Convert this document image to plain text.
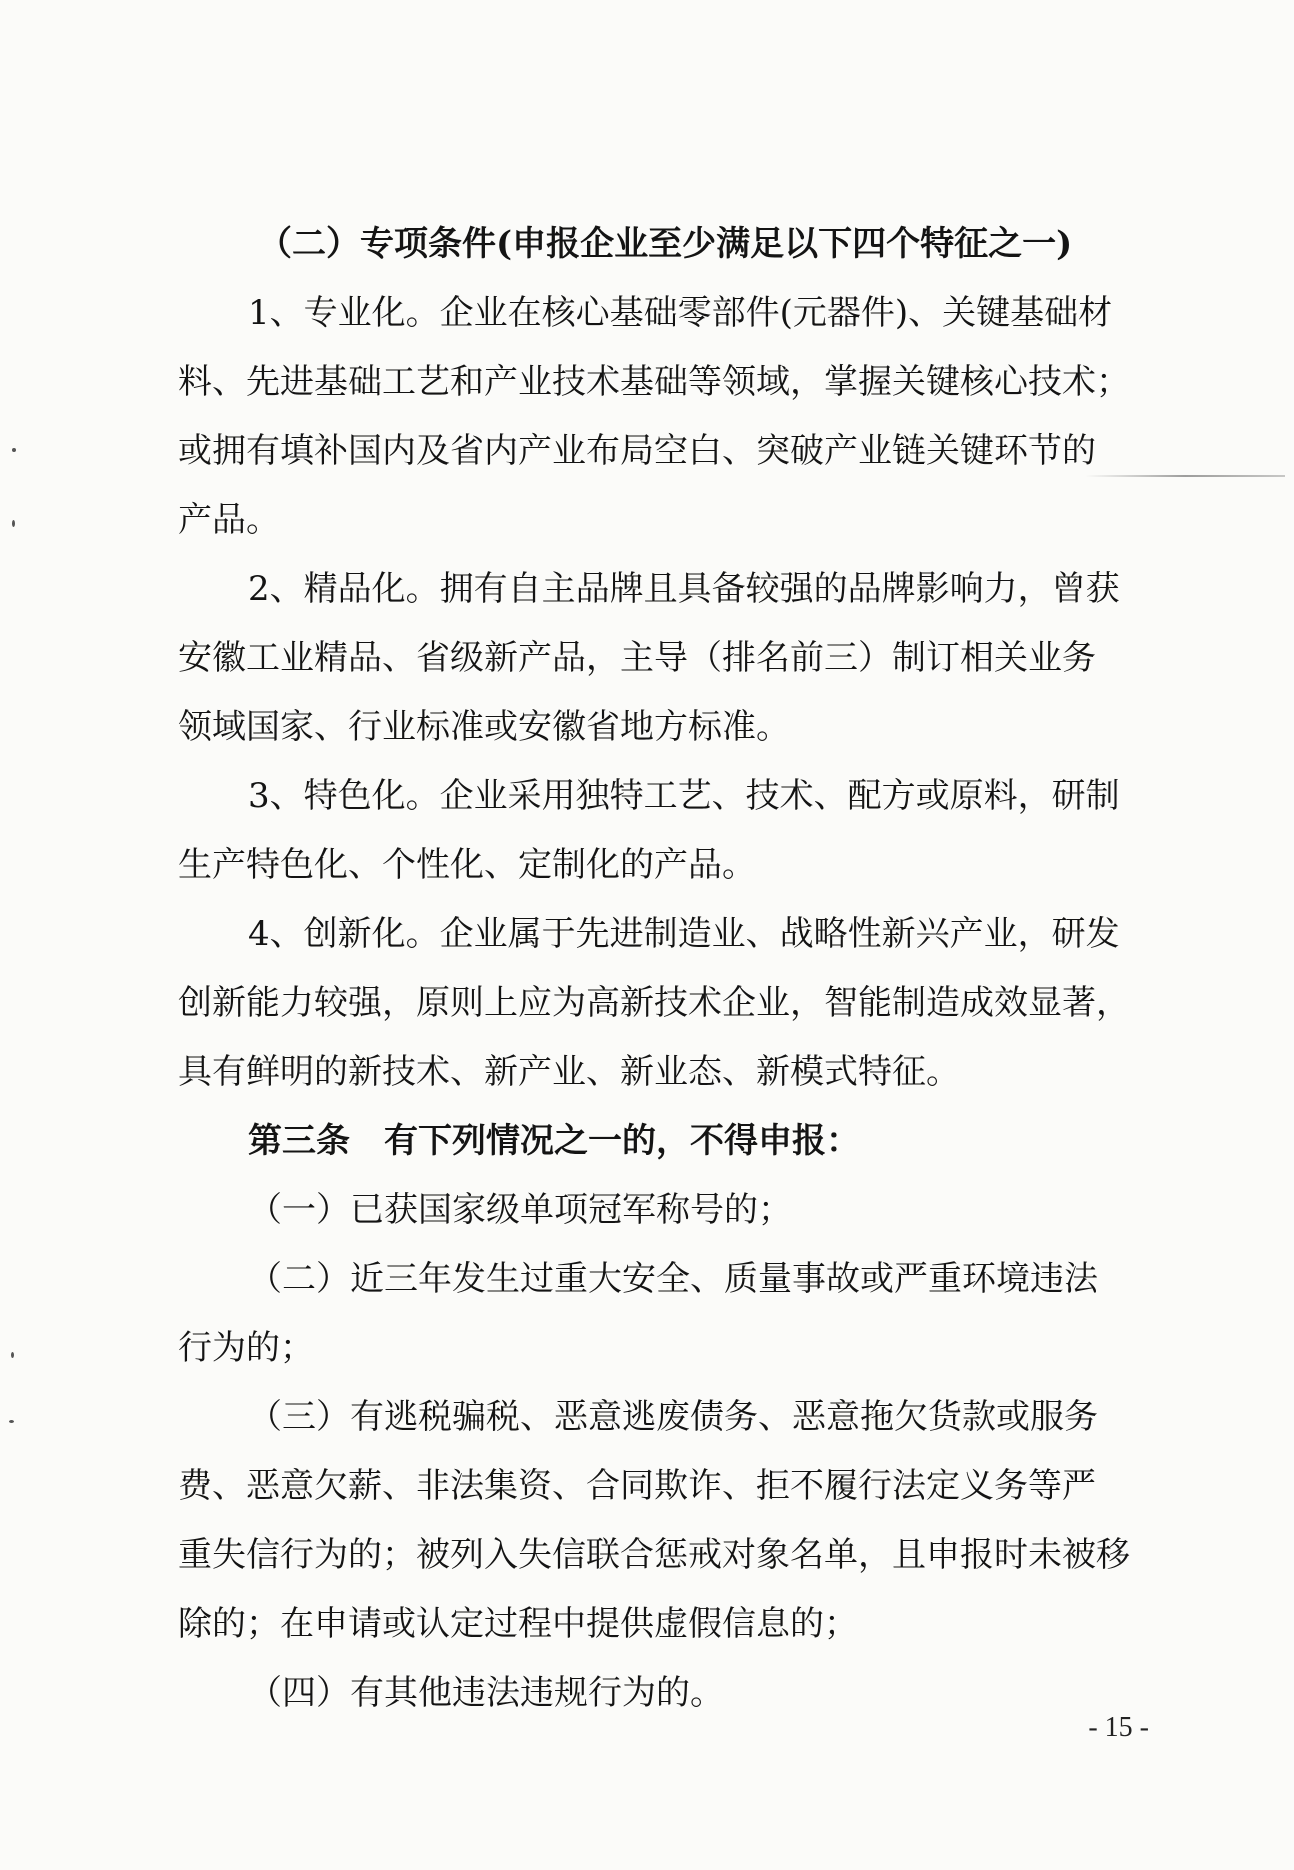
（二）专项条件(申报企业至少满足以下四个特征之一)
1、专业化。企业在核心基础零部件(元器件)、关键基础材
料、先进基础工艺和产业技术基础等领域，掌握关键核心技术；
或拥有填补国内及省内产业布局空白、突破产业链关键环节的
产品。
2、精品化。拥有自主品牌且具备较强的品牌影响力，曾获
安徽工业精品、省级新产品，主导（排名前三）制订相关业务
领域国家、行业标准或安徽省地方标准。
3、特色化。企业采用独特工艺、技术、配方或原料，研制
生产特色化、个性化、定制化的产品。
4、创新化。企业属于先进制造业、战略性新兴产业，研发
创新能力较强，原则上应为高新技术企业，智能制造成效显著，
具有鲜明的新技术、新产业、新业态、新模式特征。
第三条　有下列情况之一的，不得申报：
（一）已获国家级单项冠军称号的；
（二）近三年发生过重大安全、质量事故或严重环境违法
行为的；
（三）有逃税骗税、恶意逃废债务、恶意拖欠货款或服务
费、恶意欠薪、非法集资、合同欺诈、拒不履行法定义务等严
重失信行为的；被列入失信联合惩戒对象名单，且申报时未被移
除的；在申请或认定过程中提供虚假信息的；
（四）有其他违法违规行为的。
- 15 -
